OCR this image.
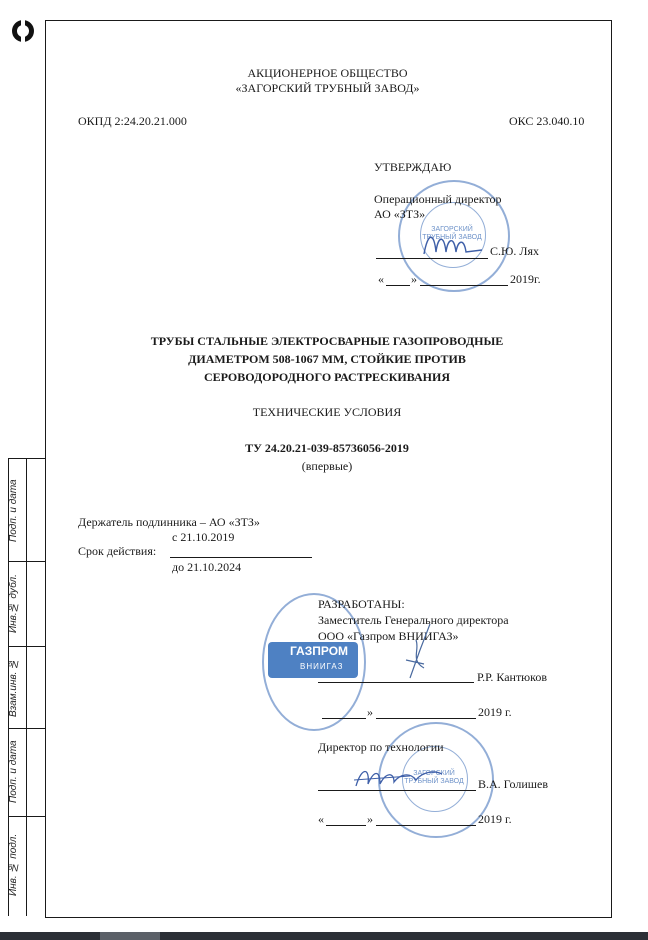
Подп. и дата
Инв.№ дубл.
Взам.инв. №
Подп. и дата
Инв. № подл.
АКЦИОНЕРНОЕ ОБЩЕСТВО
«ЗАГОРСКИЙ ТРУБНЫЙ ЗАВОД»
ОКПД 2:24.20.21.000	ОКС 23.040.10
ЗАГОРСКИЙ ТРУБНЫЙ ЗАВОД
УТВЕРЖДАЮ
Операционный директор
АО «ЗТЗ»
С.Ю. Лях
« »	2019г.
ТРУБЫ СТАЛЬНЫЕ ЭЛЕКТРОСВАРНЫЕ ГАЗОПРОВОДНЫЕ
ДИАМЕТРОМ 508-1067 ММ, СТОЙКИЕ ПРОТИВ
СЕРОВОДОРОДНОГО РАСТРЕСКИВАНИЯ
ТЕХНИЧЕСКИЕ УСЛОВИЯ
ТУ 24.20.21-039-85736056-2019
(впервые)
Держатель подлинника – АО «ЗТЗ»
с 21.10.2019
Срок действия:
до 21.10.2024
ГАЗПРОМ
ВНИИГАЗ
РАЗРАБОТАНЫ:
Заместитель Генерального директора
ООО «Газпром ВНИИГАЗ»
Р.Р. Кантюков
»	2019 г.
ЗАГОРСКИЙ ТРУБНЫЙ ЗАВОД
Директор по технологии
В.А. Голишев
«	»	2019 г.
